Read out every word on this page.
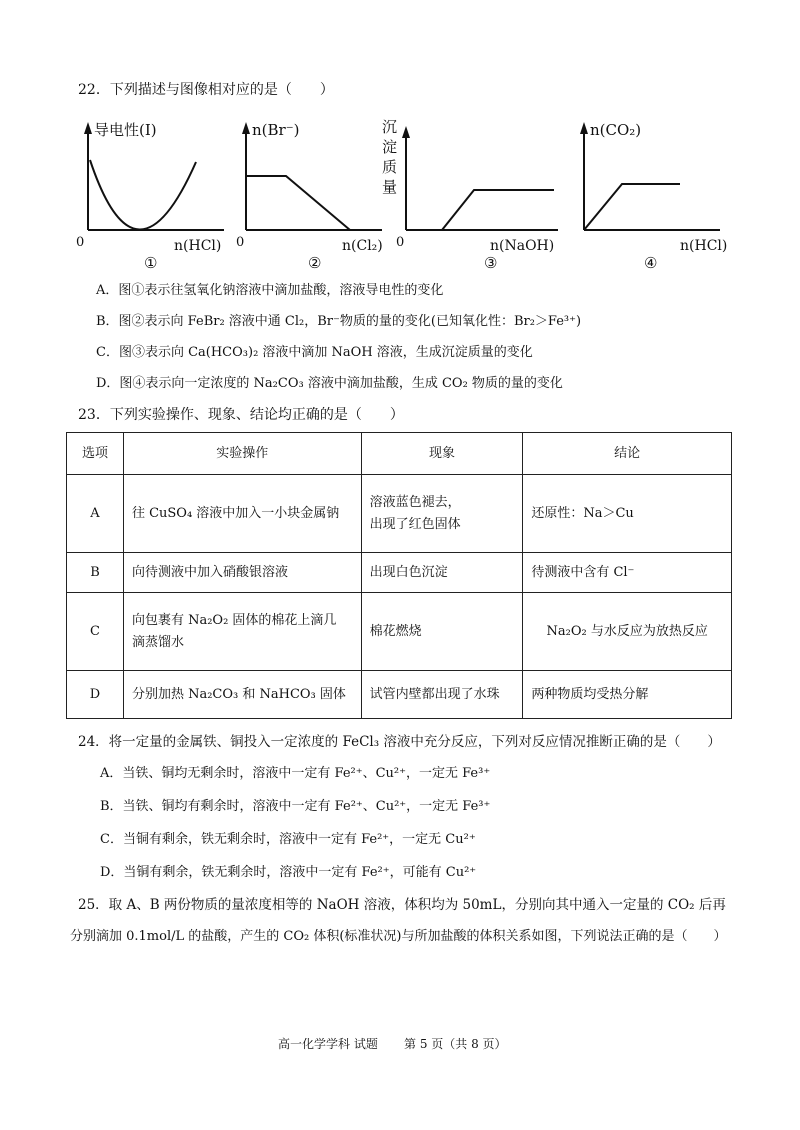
22．下列描述与图像相对应的是（　　）
导电性(I)
0	n(HCl)
①
n(Br⁻)
0	n(Cl₂)
②
沉
淀
质
量
0	n(NaOH)
③
n(CO₂)
n(HCl)
④
A．图①表示往氢氧化钠溶液中滴加盐酸，溶液导电性的变化
B．图②表示向 FeBr₂ 溶液中通 Cl₂，Br⁻物质的量的变化(已知氧化性：Br₂＞Fe³⁺)
C．图③表示向 Ca(HCO₃)₂ 溶液中滴加 NaOH 溶液，生成沉淀质量的变化
D．图④表示向一定浓度的 Na₂CO₃ 溶液中滴加盐酸，生成 CO₂ 物质的量的变化
23．下列实验操作、现象、结论均正确的是（　　）
选项	实验操作	现象	结论
A	往 CuSO₄ 溶液中加入一小块金属钠	溶液蓝色褪去，
出现了红色固体	还原性：Na＞Cu
B	向待测液中加入硝酸银溶液	出现白色沉淀	待测液中含有 Cl⁻
C	向包裹有 Na₂O₂ 固体的棉花上滴几
滴蒸馏水	棉花燃烧	Na₂O₂ 与水反应为放热反应
D	分别加热 Na₂CO₃ 和 NaHCO₃ 固体	试管内壁都出现了水珠	两种物质均受热分解
24．将一定量的金属铁、铜投入一定浓度的 FeCl₃ 溶液中充分反应，下列对反应情况推断正确的是（　　）
A．当铁、铜均无剩余时，溶液中一定有 Fe²⁺、Cu²⁺，一定无 Fe³⁺
B．当铁、铜均有剩余时，溶液中一定有 Fe²⁺、Cu²⁺，一定无 Fe³⁺
C．当铜有剩余，铁无剩余时，溶液中一定有 Fe²⁺，一定无 Cu²⁺
D．当铜有剩余，铁无剩余时，溶液中一定有 Fe²⁺，可能有 Cu²⁺
25．取 A、B 两份物质的量浓度相等的 NaOH 溶液，体积均为 50mL，分别向其中通入一定量的 CO₂ 后再
分别滴加 0.1mol/L 的盐酸，产生的 CO₂ 体积(标准状况)与所加盐酸的体积关系如图，下列说法正确的是（　　）
高一化学学科 试题 第 5 页（共 8 页）
